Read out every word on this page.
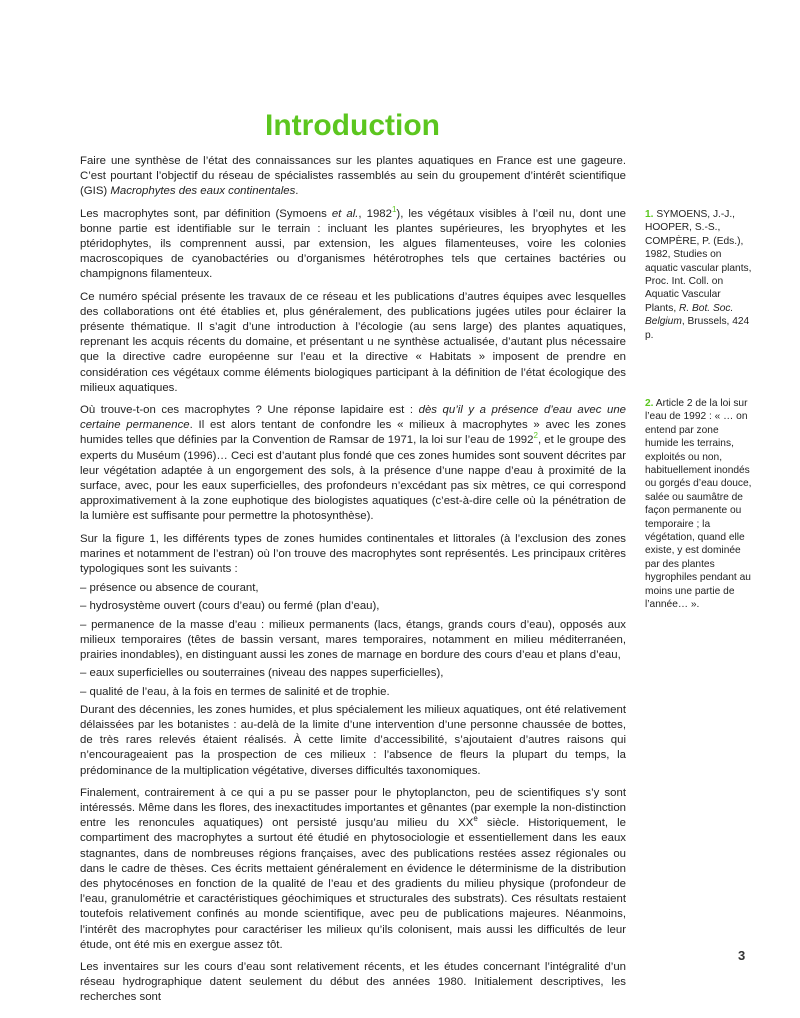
Introduction

Faire une synthèse de l’état des connaissances sur les plantes aquatiques en France est une gageure. C’est pourtant l’objectif du réseau de spécialistes rassemblés au sein du groupement d’intérêt scientifique (GIS) Macrophytes des eaux continentales.

Les macrophytes sont, par définition (Symoens et al., 1982$^1$), les végétaux visibles à l’œil nu, dont une bonne partie est identifiable sur le terrain : incluant les plantes supérieures, les bryophytes et les ptéridophytes, ils comprennent aussi, par extension, les algues filamenteuses, voire les colonies macroscopiques de cyanobactéries ou d’organismes hétérotrophes tels que certaines bactéries ou champignons filamenteux.

Ce numéro spécial présente les travaux de ce réseau et les publications d’autres équipes avec lesquelles des collaborations ont été établies et, plus généralement, des publications jugées utiles pour éclairer la présente thématique. Il s’agit d’une introduction à l’écologie (au sens large) des plantes aquatiques, reprenant les acquis récents du domaine, et présentant u ne synthèse actualisée, d’autant plus nécessaire que la directive cadre européenne sur l’eau et la directive « Habitats » imposent de prendre en considération ces végétaux comme éléments biologiques participant à la définition de l’état écologique des milieux aquatiques.

Où trouve-t-on ces macrophytes ? Une réponse lapidaire est : dès qu’il y a présence d’eau avec une certaine permanence. Il est alors tentant de confondre les « milieux à macrophytes » avec les zones humides telles que définies par la Convention de Ramsar de 1971, la loi sur l’eau de 1992$^2$, et le groupe des experts du Muséum (1996)… Ceci est d’autant plus fondé que ces zones humides sont souvent décrites par leur végétation adaptée à un engorgement des sols, à la présence d’une nappe d’eau à proximité de la surface, avec, pour les eaux superficielles, des profondeurs n’excédant pas six mètres, ce qui correspond approximativement à la zone euphotique des biologistes aquatiques (c’est-à-dire celle où la pénétration de la lumière est suffisante pour permettre la photosynthèse).

Sur la figure 1, les différents types de zones humides continentales et littorales (à l’exclusion des zones marines et notamment de l’estran) où l’on trouve des macrophytes sont représentés. Les principaux critères typologiques sont les suivants :

– présence ou absence de courant,

– hydrosystème ouvert (cours d’eau) ou fermé (plan d’eau),

– permanence de la masse d’eau : milieux permanents (lacs, étangs, grands cours d’eau), opposés aux milieux temporaires (têtes de bassin versant, mares temporaires, notamment en milieu méditerranéen, prairies inondables), en distinguant aussi les zones de marnage en bordure des cours d’eau et plans d’eau,

– eaux superficielles ou souterraines (niveau des nappes superficielles),

– qualité de l’eau, à la fois en termes de salinité et de trophie.

Durant des décennies, les zones humides, et plus spécialement les milieux aquatiques, ont été relativement délaissées par les botanistes : au-delà de la limite d’une intervention d’une personne chaussée de bottes, de très rares relevés étaient réalisés. À cette limite d’accessibilité, s’ajoutaient d’autres raisons qui n’encourageaient pas la prospection de ces milieux : l’absence de fleurs la plupart du temps, la prédominance de la multiplication végétative, diverses difficultés taxonomiques.

Finalement, contrairement à ce qui a pu se passer pour le phytoplancton, peu de scientifiques s’y sont intéressés. Même dans les flores, des inexactitudes importantes et gênantes (par exemple la non-distinction entre les renoncules aquatiques) ont persisté jusqu’au milieu du XXe siècle. Historiquement, le compartiment des macrophytes a surtout été étudié en phytosociologie et essentiellement dans les eaux stagnantes, dans de nombreuses régions françaises, avec des publications restées assez régionales ou dans le cadre de thèses. Ces écrits mettaient généralement en évidence le déterminisme de la distribution des phytocénoses en fonction de la qualité de l’eau et des gradients du milieu physique (profondeur de l’eau, granulométrie et caractéristiques géochimiques et structurales des substrats). Ces résultats restaient toutefois relativement confinés au monde scientifique, avec peu de publications majeures. Néanmoins, l’intérêt des macrophytes pour caractériser les milieux qu’ils colonisent, mais aussi les difficultés de leur étude, ont été mis en exergue assez tôt.

Les inventaires sur les cours d’eau sont relativement récents, et les études concernant l’intégralité d’un réseau hydrographique datent seulement du début des années 1980. Initialement descriptives, les recherches sont

1. SYMOENS, J.-J., HOOPER, S.-S., COMPÈRE, P. (Eds.), 1982, Studies on aquatic vascular plants, Proc. Int. Coll. on Aquatic Vascular Plants, R. Bot. Soc. Belgium, Brussels, 424 p.
2. Article 2 de la loi sur l’eau de 1992 : « … on entend par zone humide les terrains, exploités ou non, habituellement inondés ou gorgés d’eau douce, salée ou saumâtre de façon permanente ou temporaire ; la végétation, quand elle existe, y est dominée par des plantes hygrophiles pendant au moins une partie de l’année… ».
3
